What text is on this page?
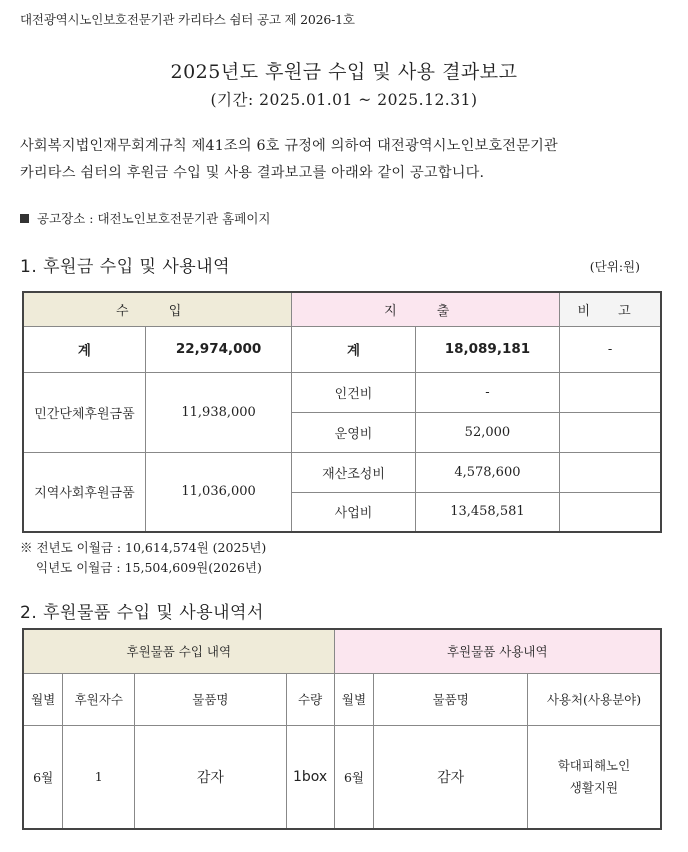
대전광역시노인보호전문기관 카리타스 쉼터 공고 제 2026-1호
2025년도 후원금 수입 및 사용 결과보고
(기간: 2025.01.01 ~ 2025.12.31)
사회복지법인재무회계규칙 제41조의 6호 규정에 의하여 대전광역시노인보호전문기관
카리타스 쉼터의 후원금 수입 및 사용 결과보고를 아래와 같이 공고합니다.
공고장소 : 대전노인보호전문기관 홈페이지
1. 후원금 수입 및 사용내역	(단위:원)
수 입		지 출		비 고
계	22,974,000	계	18,089,181	-
민간단체후원금품	11,938,000	인건비	-	
		운영비	52,000	
지역사회후원금품	11,036,000	재산조성비	4,578,600	
		사업비	13,458,581	
※ 전년도 이월금 : 10,614,574원 (2025년)
익년도 이월금 : 15,504,609원(2026년)
2. 후원물품 수입 및 사용내역서
후원물품 수입 내역				후원물품 사용내역		
월별	후원자수	물품명	수량	월별	물품명	사용처(사용분야)
6월	1	감자	1box	6월	감자	학대피해노인
생활지원
